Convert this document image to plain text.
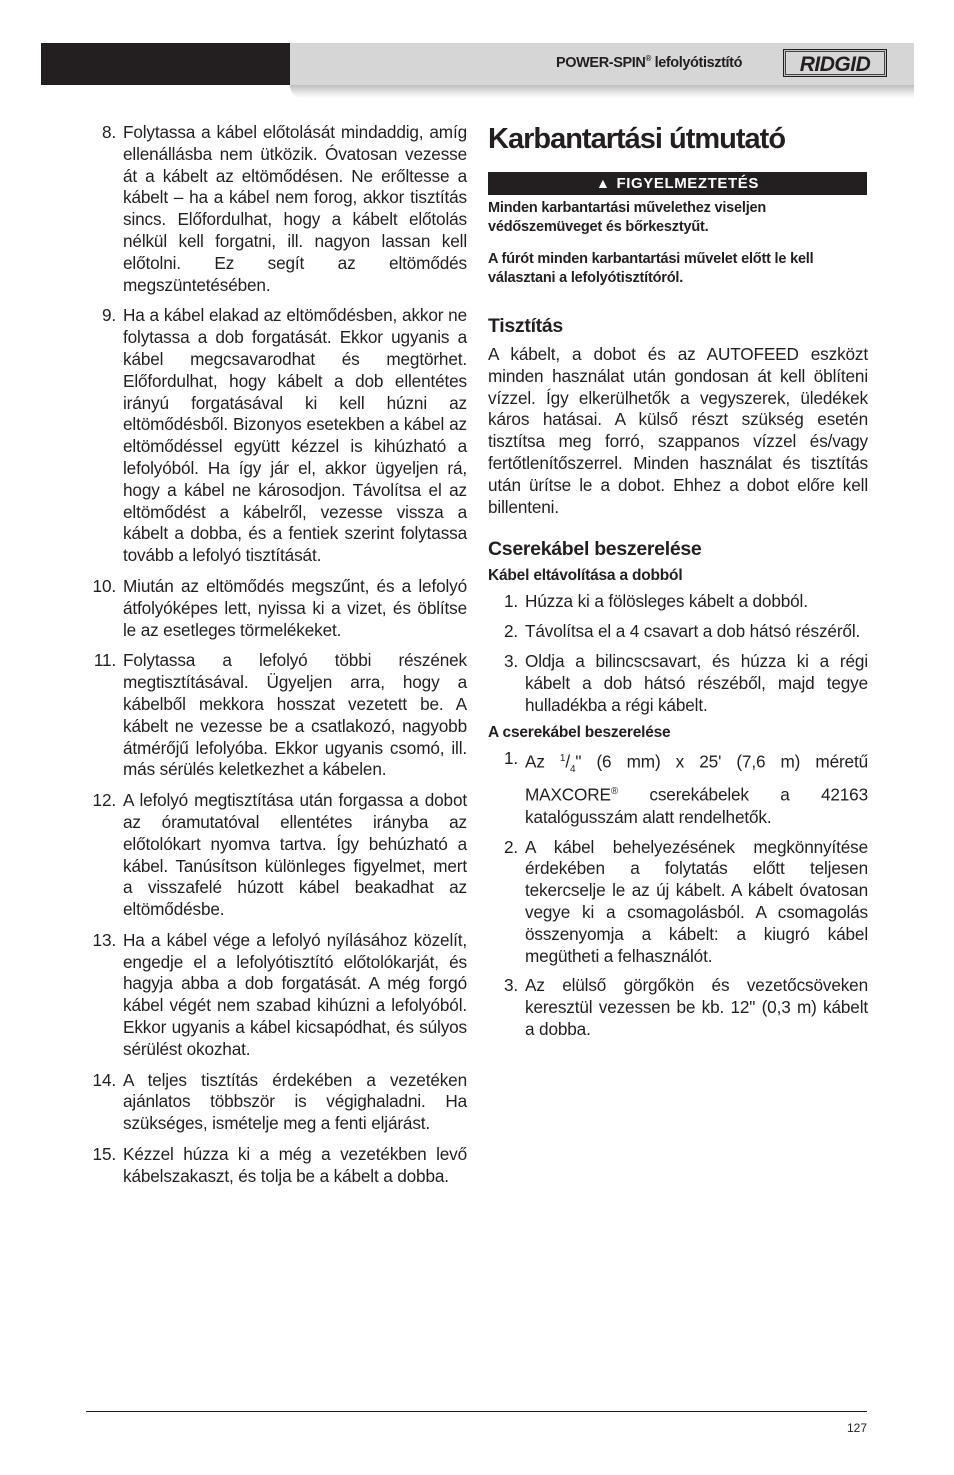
POWER-SPIN® lefolyótisztító	RIDGID
8. Folytassa a kábel előtolását mindaddig, amíg ellenállásba nem ütközik. Óvatosan vezesse át a kábelt az eltömődésen. Ne erőltesse a kábelt – ha a kábel nem forog, akkor tisztítás sincs. Előfordulhat, hogy a kábelt előtolás nélkül kell forgatni, ill. nagyon lassan kell előtolni. Ez segít az eltömődés megszüntetésében.
9. Ha a kábel elakad az eltömődésben, akkor ne folytassa a dob forgatását. Ekkor ugyanis a kábel megcsavarodhat és megtörhet. Előfordulhat, hogy kábelt a dob ellentétes irányú forgatásával ki kell húzni az eltömődésből. Bizonyos esetekben a kábel az eltömődéssel együtt kézzel is kihúzható a lefolyóból. Ha így jár el, akkor ügyeljen rá, hogy a kábel ne károsodjon. Távolítsa el az eltömődést a kábelről, vezesse vissza a kábelt a dobba, és a fentiek szerint folytassa tovább a lefolyó tisztítását.
10. Miután az eltömődés megszűnt, és a lefolyó átfolyóképes lett, nyissa ki a vizet, és öblítse le az esetleges törmelékeket.
11. Folytassa a lefolyó többi részének megtisztításával. Ügyeljen arra, hogy a kábelből mekkora hosszat vezetett be. A kábelt ne vezesse be a csatlakozó, nagyobb átmérőjű lefolyóba. Ekkor ugyanis csomó, ill. más sérülés keletkezhet a kábelen.
12. A lefolyó megtisztítása után forgassa a dobot az óramutatóval ellentétes irányba az előtolókart nyomva tartva. Így behúzható a kábel. Tanúsítson különleges figyelmet, mert a visszafelé húzott kábel beakadhat az eltömődésbe.
13. Ha a kábel vége a lefolyó nyílásához közelít, engedje el a lefolyótisztító előtolókarját, és hagyja abba a dob forgatását. A még forgó kábel végét nem szabad kihúzni a lefolyóból. Ekkor ugyanis a kábel kicsapódhat, és súlyos sérülést okozhat.
14. A teljes tisztítás érdekében a vezetéken ajánlatos többször is végighaladni. Ha szükséges, ismételje meg a fenti eljárást.
15. Kézzel húzza ki a még a vezetékben levő kábelszakaszt, és tolja be a kábelt a dobba.
Karbantartási útmutató
▲ FIGYELMEZTETÉS

Minden karbantartási művelethez viseljen védőszemüveget és bőrkesztyűt.

A fúrót minden karbantartási művelet előtt le kell választani a lefolyótisztítóról.

Tisztítás

A kábelt, a dobot és az AUTOFEED eszközt minden használat után gondosan át kell öblíteni vízzel. Így elkerülhetők a vegyszerek, üledékek káros hatásai. A külső részt szükség esetén tisztítsa meg forró, szappanos vízzel és/vagy fertőtlenítőszerrel. Minden használat és tisztítás után ürítse le a dobot. Ehhez a dobot előre kell billenteni.

Cserekábel beszerelése
Kábel eltávolítása a dobból
1. Húzza ki a fölösleges kábelt a dobból.
2. Távolítsa el a 4 csavart a dob hátsó részéről.
3. Oldja a bilincscsavart, és húzza ki a régi kábelt a dob hátsó részéből, majd tegye hulladékba a régi kábelt.
A cserekábel beszerelése
1. Az $^1/_4$" (6 mm) x 25' (7,6 m) méretű MAXCORE® cserekábelek a 42163 katalógusszám alatt rendelhetők.
2. A kábel behelyezésének megkönnyítése érdekében a folytatás előtt teljesen tekercselje le az új kábelt. A kábelt óvatosan vegye ki a csomagolásból. A csomagolás összenyomja a kábelt: a kiugró kábel megütheti a felhasználót.
3. Az elülső görgőkön és vezetőcsöveken keresztül vezessen be kb. 12" (0,3 m) kábelt a dobba.
127
